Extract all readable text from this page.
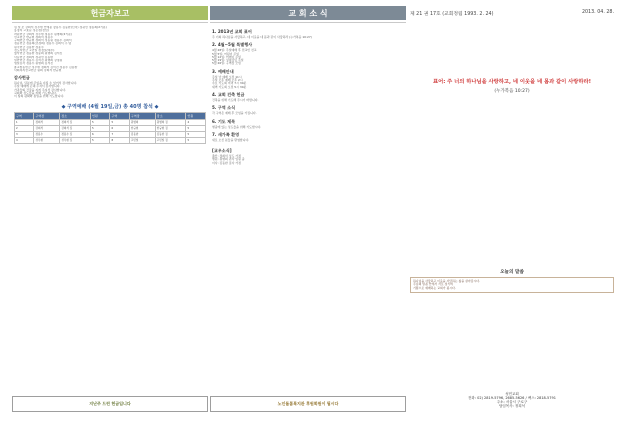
헌금자보고
십 일 조 강희석 성우현 안태용 장용수 김동완(신덕) 정귀선 정봉희(2기분)
홍경지 고효순 성은정(전입)
자원헌금 강희석 성우현 정봉수 원병희(2기분)
선교헌금 한규현 정희석 정용수
구제헌금 한규현 정희석 성동원 정용수 김희석
정동헌금 정봉희(조정희) 정용수 김희석 주 명
원직헌금 김용한 정용수
전도지헌금 고민일 정경보(예수)
월삭헌금 정동완 정봉희 원병희 김석진
사순헌금 정희석 정귀선 김동완
일반헌금 정용수 김석진 원병희 강정원
생일감사 정봉수 원병희 김석진
종교합동헌금 성우현 정희석 김석진 정용수 김용완
사회복지선교헌금 원희 강희석 한규현
감사헌금
하나님, 덕분에 주일을 지킬 수 있어서 감사합니다.
주일 예배에 은혜 주셔서 감사합니다.
가족들의 건강을 지켜 주셔서 감사합니다.
교회와 성도들을 위해 기도합니다.
이 땅의 평화와 통일을 위해 기도합니다.
◆ 구역예배 (4월 19일,금) 총 40명 참석 ◆
구역	구역장	장소	인원	구역	구역장	장소	인원
1	정희석	정희석 집	5	5	원병희	원병희 집	4
2	강희석	강희석 집	5	6	한규현	한규현 집	5
3	정용수	정용수 집	6	7	김동완	김동완 집	5
4	성우현	성우현 집	5	8	고민일	고민일 집	5
지난주 드린 헌금입니다
교 회 소 식
1. 2013년 교회 표어
주 너의 하나님을 사랑하고, 네 이웃을 네 몸과 같이 사랑하라 (누가복음 10:27)
2. 4월~5월 특별행사
4월 28일: 주일예배 후 전교인 친교
5월 5일: 어린이 주일
5월 12일: 어버이 주일
5월 19일: 성령강림 주일
5월 26일: 구역장 모임
3. 예배안내
주일 낮 예배 오전 11시
주일 오후 예배 오후 2시
수요 기도회 저녁 7시 30분
새벽 기도회 오전 5시 30분
4. 교회 건축 헌금
건축을 위해 기도해 주시기 바랍니다.
5. 구역 소식
각 구역은 예배 후 모임을 가집니다.
6. 기도 제목
병중에 있는 성도들을 위해 기도합시다.
7. 새가족 환영
새로 오신 분들을 환영합니다.
[교우소식]
출산: 정희석 성도 가정
병원: 원병희 권사 입원 중
이사: 김동완 집사 가정
노인돌봄복지관 후원회원이 됩시다
제 21 권 17호 (교회정립 1993. 2. 24)	2013. 04. 28.
표어: 주 너의 하나님을 사랑하고, 네 이웃을 네 몸과 같이 사랑하라!
(누가복음 10:27)
오늘의 말씀
하나님을 사랑하고 이웃을 사랑하는 삶을 살아갑시다.
주님의 말씀 안에서 서로 섬기며
기쁨으로 예배하는 교회가 됩시다.
성민교회
전화: 02) 2819-5796, 2685-5626 / 팩스: 2818-5791
주소: 서울시 구로구
담임목사: 정희석
